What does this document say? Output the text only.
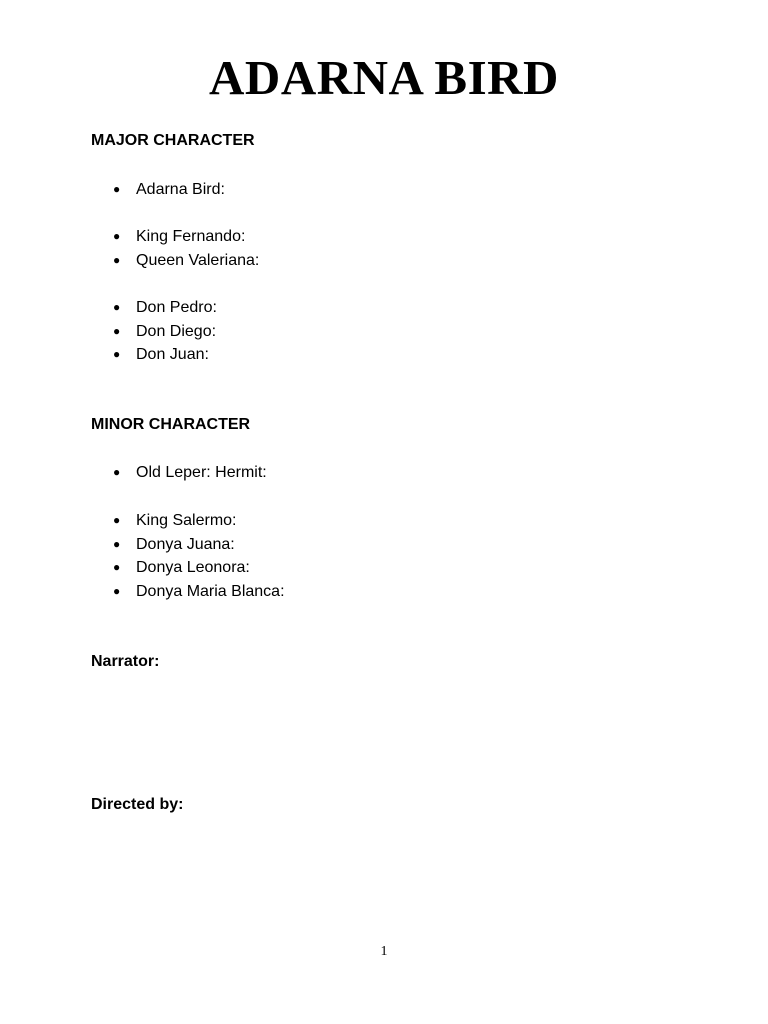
ADARNA BIRD
MAJOR CHARACTER
● Adarna Bird:
● King Fernando:
● Queen Valeriana:
● Don Pedro:
● Don Diego:
● Don Juan:
MINOR CHARACTER
● Old Leper: Hermit:
● King Salermo:
● Donya Juana:
● Donya Leonora:
● Donya Maria Blanca:
Narrator:
Directed by:
1
